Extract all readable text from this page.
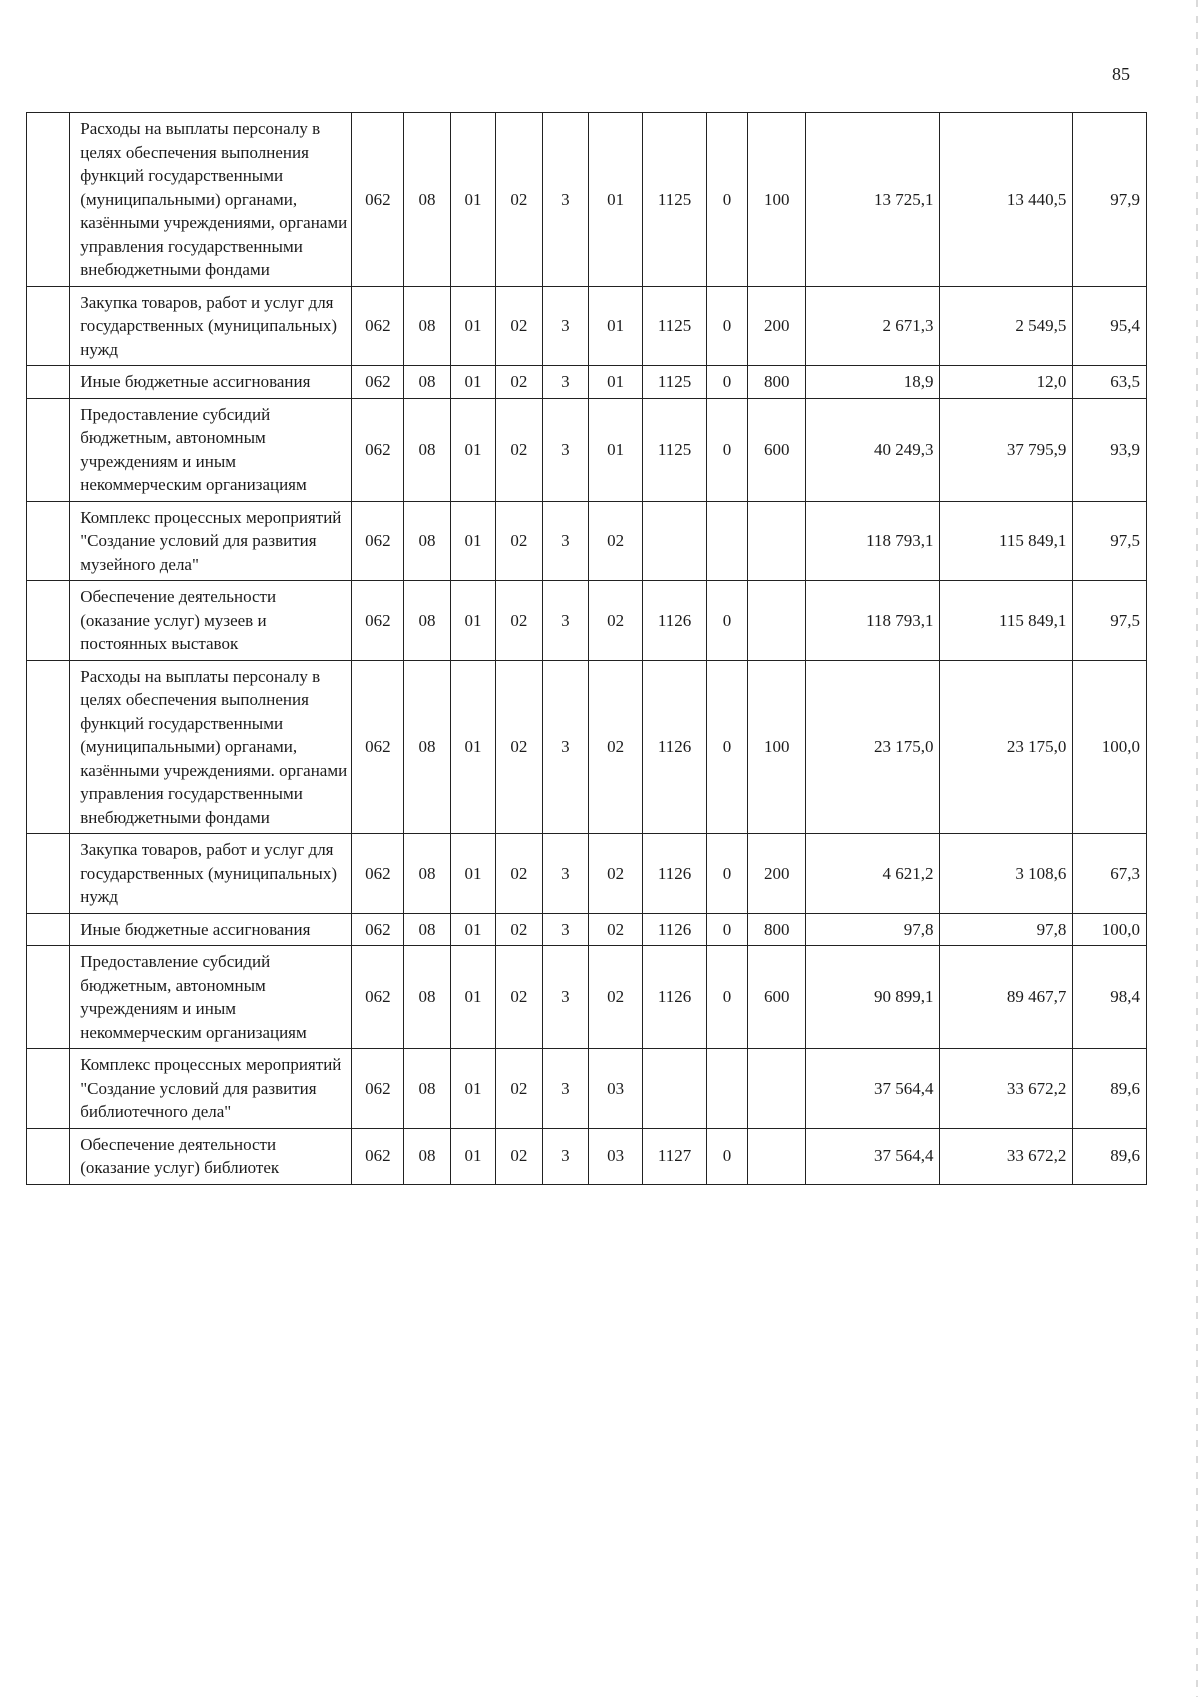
85
	Расходы на выплаты персоналу в целях обеспечения выполнения функций государственными (муниципальными) органами, казёнными учреждениями, органами управления государственными внебюджетными фондами	062	08	01	02	3	01	1125	0	100	13 725,1	13 440,5	97,9
	Закупка товаров, работ и услуг для государственных (муниципальных) нужд	062	08	01	02	3	01	1125	0	200	2 671,3	2 549,5	95,4
	Иные бюджетные ассигнования	062	08	01	02	3	01	1125	0	800	18,9	12,0	63,5
	Предоставление субсидий бюджетным, автономным учреждениям и иным некоммерческим организациям	062	08	01	02	3	01	1125	0	600	40 249,3	37 795,9	93,9
	Комплекс процессных мероприятий "Создание условий для развития музейного дела"	062	08	01	02	3	02				118 793,1	115 849,1	97,5
	Обеспечение деятельности (оказание услуг) музеев и постоянных выставок	062	08	01	02	3	02	1126	0		118 793,1	115 849,1	97,5
	Расходы на выплаты персоналу в целях обеспечения выполнения функций государственными (муниципальными) органами, казёнными учреждениями. органами управления государственными внебюджетными фондами	062	08	01	02	3	02	1126	0	100	23 175,0	23 175,0	100,0
	Закупка товаров, работ и услуг для государственных (муниципальных) нужд	062	08	01	02	3	02	1126	0	200	4 621,2	3 108,6	67,3
	Иные бюджетные ассигнования	062	08	01	02	3	02	1126	0	800	97,8	97,8	100,0
	Предоставление субсидий бюджетным, автономным учреждениям и иным некоммерческим организациям	062	08	01	02	3	02	1126	0	600	90 899,1	89 467,7	98,4
	Комплекс процессных мероприятий "Создание условий для развития библиотечного дела"	062	08	01	02	3	03				37 564,4	33 672,2	89,6
	Обеспечение деятельности (оказание услуг) библиотек	062	08	01	02	3	03	1127	0		37 564,4	33 672,2	89,6
